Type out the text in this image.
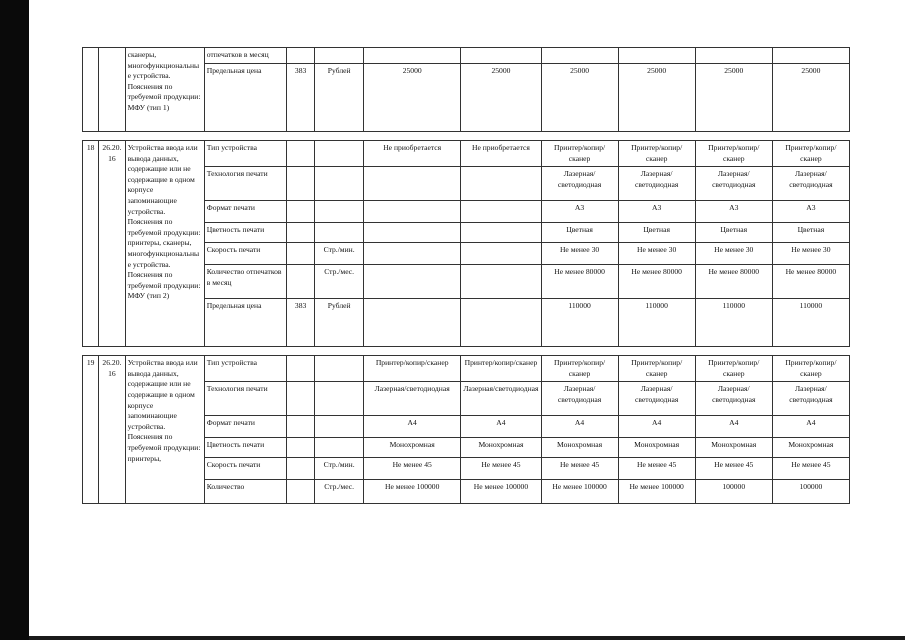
		сканеры, многофункциональные устройства. Пояснения по требуемой продукции: МФУ (тип 1)	отпечатков в месяц								
			Предельная цена	383	Рублей	25000	25000	25000	25000	25000	25000

18	26.20.16	Устройства ввода или вывода данных, содержащие или не содержащие в одном корпусе запоминающие устройства. Пояснения по требуемой продукции: принтеры, сканеры, многофункциональные устройства. Пояснения по требуемой продукции: МФУ (тип 2)	Тип устройства			Не приобретается	Не приобретается	Принтер/копир/сканер	Принтер/копир/сканер	Принтер/копир/сканер	Принтер/копир/сканер
			Технология печати					Лазерная/светодиодная	Лазерная/светодиодная	Лазерная/светодиодная	Лазерная/светодиодная
			Формат печати					А3	А3	А3	А3
			Цветность печати					Цветная	Цветная	Цветная	Цветная
			Скорость печати		Стр./мин.			Не менее 30	Не менее 30	Не менее 30	Не менее 30
			Количество отпечатков в месяц		Стр./мес.			Не менее 80000	Не менее 80000	Не менее 80000	Не менее 80000
			Предельная цена	383	Рублей			110000	110000	110000	110000

19	26.20.16	Устройства ввода или вывода данных, содержащие или не содержащие в одном корпусе запоминающие устройства. Пояснения по требуемой продукции: принтеры,	Тип устройства			Принтер/копир/сканер	Принтер/копир/сканер	Принтер/копир/сканер	Принтер/копир/сканер	Принтер/копир/сканер	Принтер/копир/сканер
			Технология печати			Лазерная/светодиодная	Лазерная/светодиодная	Лазерная/светодиодная	Лазерная/светодиодная	Лазерная/светодиодная	Лазерная/светодиодная
			Формат печати			А4	А4	А4	А4	А4	А4
			Цветность печати			Монохромная	Монохромная	Монохромная	Монохромная	Монохромная	Монохромная
			Скорость печати		Стр./мин.	Не менее 45	Не менее 45	Не менее 45	Не менее 45	Не менее 45	Не менее 45
			Количество		Стр./мес.	Не менее 100000	Не менее 100000	Не менее 100000	Не менее 100000	100000	100000
